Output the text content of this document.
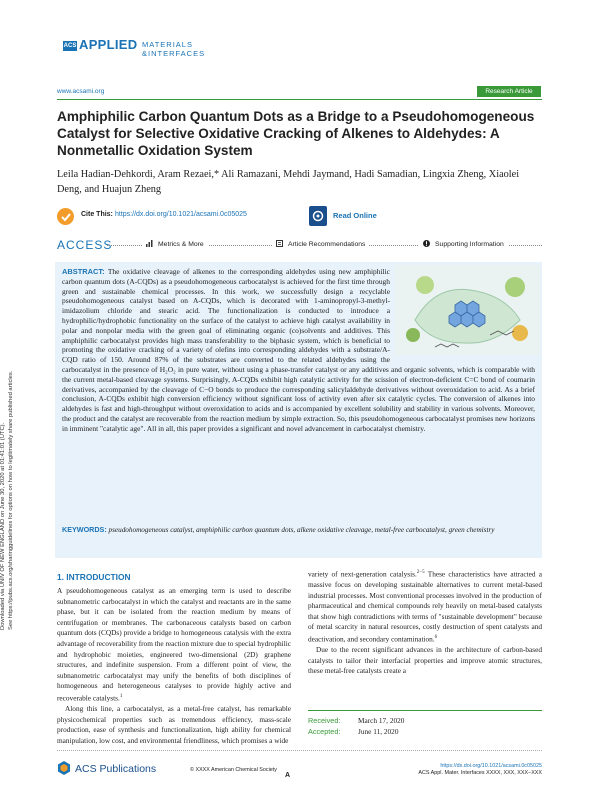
Downloaded via UNIV OF NEW ENGLAND on June 30, 2020 at 01:41:01 (UTC). See https://pubs.acs.org/sharingguidelines for options on how to legitimately share published articles.
ACS APPLIED MATERIALS
&INTERFACES
www.acsami.org	Research Article
Amphiphilic Carbon Quantum Dots as a Bridge to a Pseudohomogeneous Catalyst for Selective Oxidative Cracking of Alkenes to Aldehydes: A Nonmetallic Oxidation System
Leila Hadian-Dehkordi, Aram Rezaei,* Ali Ramazani, Mehdi Jaymand, Hadi Samadian, Lingxia Zheng, Xiaolei Deng, and Huajun Zheng
Cite This: https://dx.doi.org/10.1021/acsami.0c05025	Read Online
ACCESS	Metrics & More	Article Recommendations	Supporting Information
ABSTRACT: The oxidative cleavage of alkenes to the corresponding aldehydes using new amphiphilic carbon quantum dots (A-CQDs) as a pseudohomogeneous carbocatalyst is achieved for the first time through green and sustainable chemical processes. In this work, we successfully design a recyclable pseudohomogeneous catalyst based on A-CQDs, which is decorated with 1-aminopropyl-3-methyl-imidazolium chloride and stearic acid. The functionalization is conducted to introduce a hydrophilic/hydrophobic functionality on the surface of the catalyst to achieve high catalyst availability in polar and nonpolar media with the green goal of eliminating organic (co)solvents and additives. This amphiphilic carbocatalyst provides high mass transferability to the biphasic system, which is beneficial to promoting the oxidative cracking of a variety of olefins into corresponding aldehydes with a substrate/A-CQD ratio of 150. Around 87% of the substrates are converted to the related aldehydes using the carbocatalyst in the presence of H₂O₂ in pure water, without using a phase-transfer catalyst or any additives and organic solvents, which is comparable with the current metal-based cleavage systems. Surprisingly, A-CQDs exhibit high catalytic activity for the scission of electron-deficient C=C bond of coumarin derivatives, accompanied by the cleavage of C−O bonds to produce the corresponding salicylaldehyde derivatives without overoxidation to acid. As a brief conclusion, A-CQDs exhibit high conversion efficiency without significant loss of activity even after six catalytic cycles. The conversion of alkenes into aldehydes is fast and high-throughput without overoxidation to acids and is accompanied by excellent solubility and stability in various solvents. Moreover, the product and the catalyst are recoverable from the reaction medium by simple extraction. So, this pseudohomogeneous carbocatalyst promises new horizons in imminent "catalytic age". All in all, this paper provides a significant and novel advancement in carbocatalyst chemistry.
KEYWORDS: pseudohomogeneous catalyst, amphiphilic carbon quantum dots, alkene oxidative cleavage, metal-free carbocatalyst, green chemistry
1. INTRODUCTION

A pseudohomogeneous catalyst as an emerging term is used to describe subnanometric carbocatalyst in which the catalyst and reactants are in the same phase, but it can be isolated from the reaction medium by means of centrifugation or membranes. The carbonaceous catalysts based on carbon quantum dots (CQDs) provide a bridge to homogeneous catalysis with the extra advantage of recoverability from the reaction mixture due to special hydrophilic and hydrophobic moieties, engineered two-dimensional (2D) graphene structures, and indefinite suspension. From a different point of view, the subnanometric carbocatalyst may unify the benefits of both disciplines of homogeneous and heterogeneous catalyses to provide highly active and recoverable catalysts.$^1$

Along this line, a carbocatalyst, as a metal-free catalyst, has remarkable physicochemical properties such as tremendous efficiency, mass-scale production, ease of synthesis and functionalization, high ability for chemical manipulation, low cost, and environmental friendliness, which promises a wide

variety of next-generation catalysis.$^{2-5}$ These characteristics have attracted a massive focus on developing sustainable alternatives to current metal-based industrial processes. Most conventional processes involved in the production of pharmaceutical and chemical compounds rely heavily on metal-based catalysts that show high contradictions with terms of "sustainable development" because of metal scarcity in natural resources, costly destruction of spent catalysts and deactivation, and secondary contamination.$^6$

Due to the recent significant advances in the architecture of carbon-based catalysts to tailor their interfacial properties and improve atomic structures, these metal-free catalysts create a

Received: March 17, 2020
Accepted: June 11, 2020
ACS Publications	© XXXX American Chemical Society
A
https://dx.doi.org/10.1021/acsami.0c05025
ACS Appl. Mater. Interfaces XXXX, XXX, XXX−XXX
